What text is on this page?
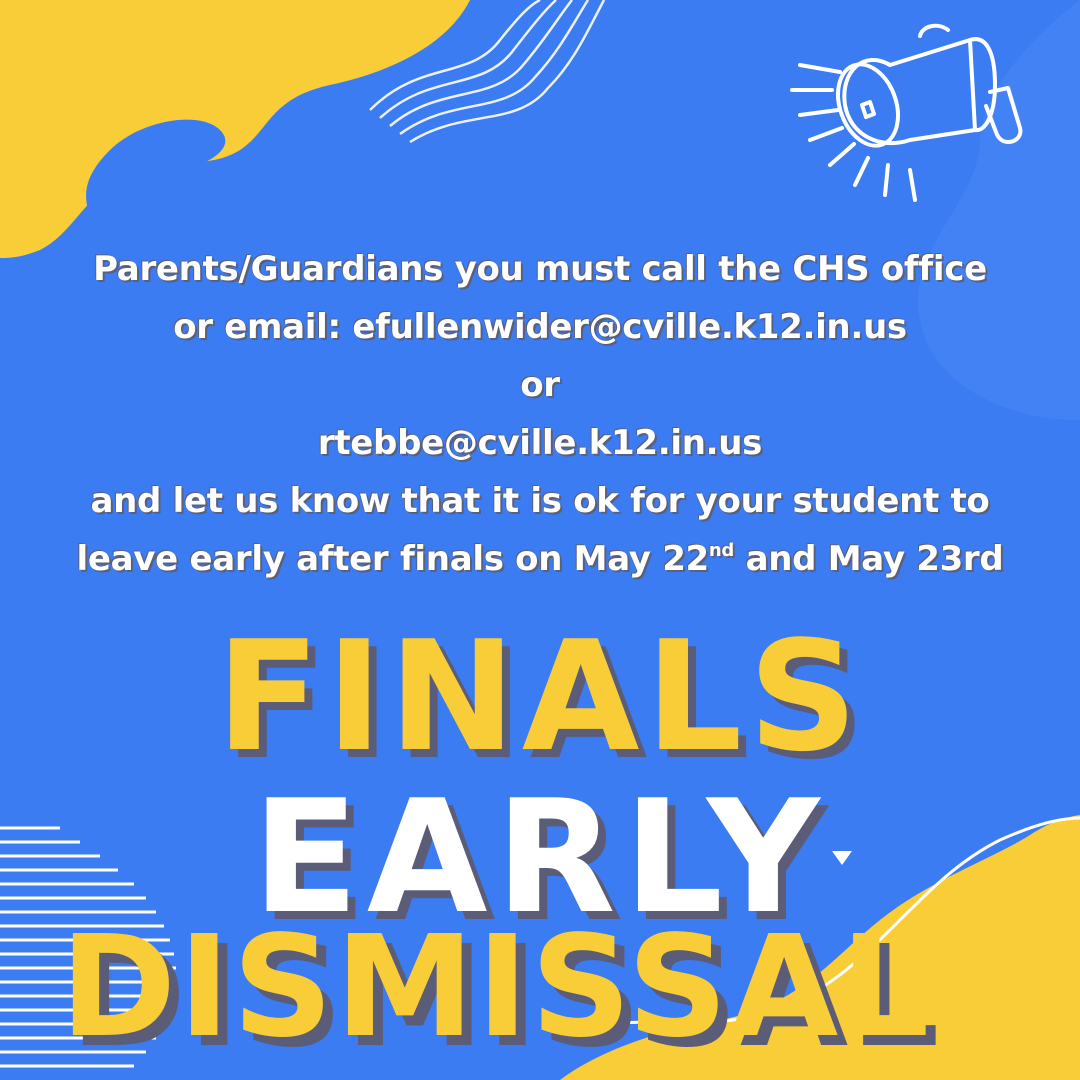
Parents/Guardians you must call the CHS office
or email: efullenwider@cville.k12.in.us
or
rtebbe@cville.k12.in.us
and let us know that it is ok for your student to
leave early after finals on May 22nd and May 23rd
FINALS
EARLY
DISMISSAL
